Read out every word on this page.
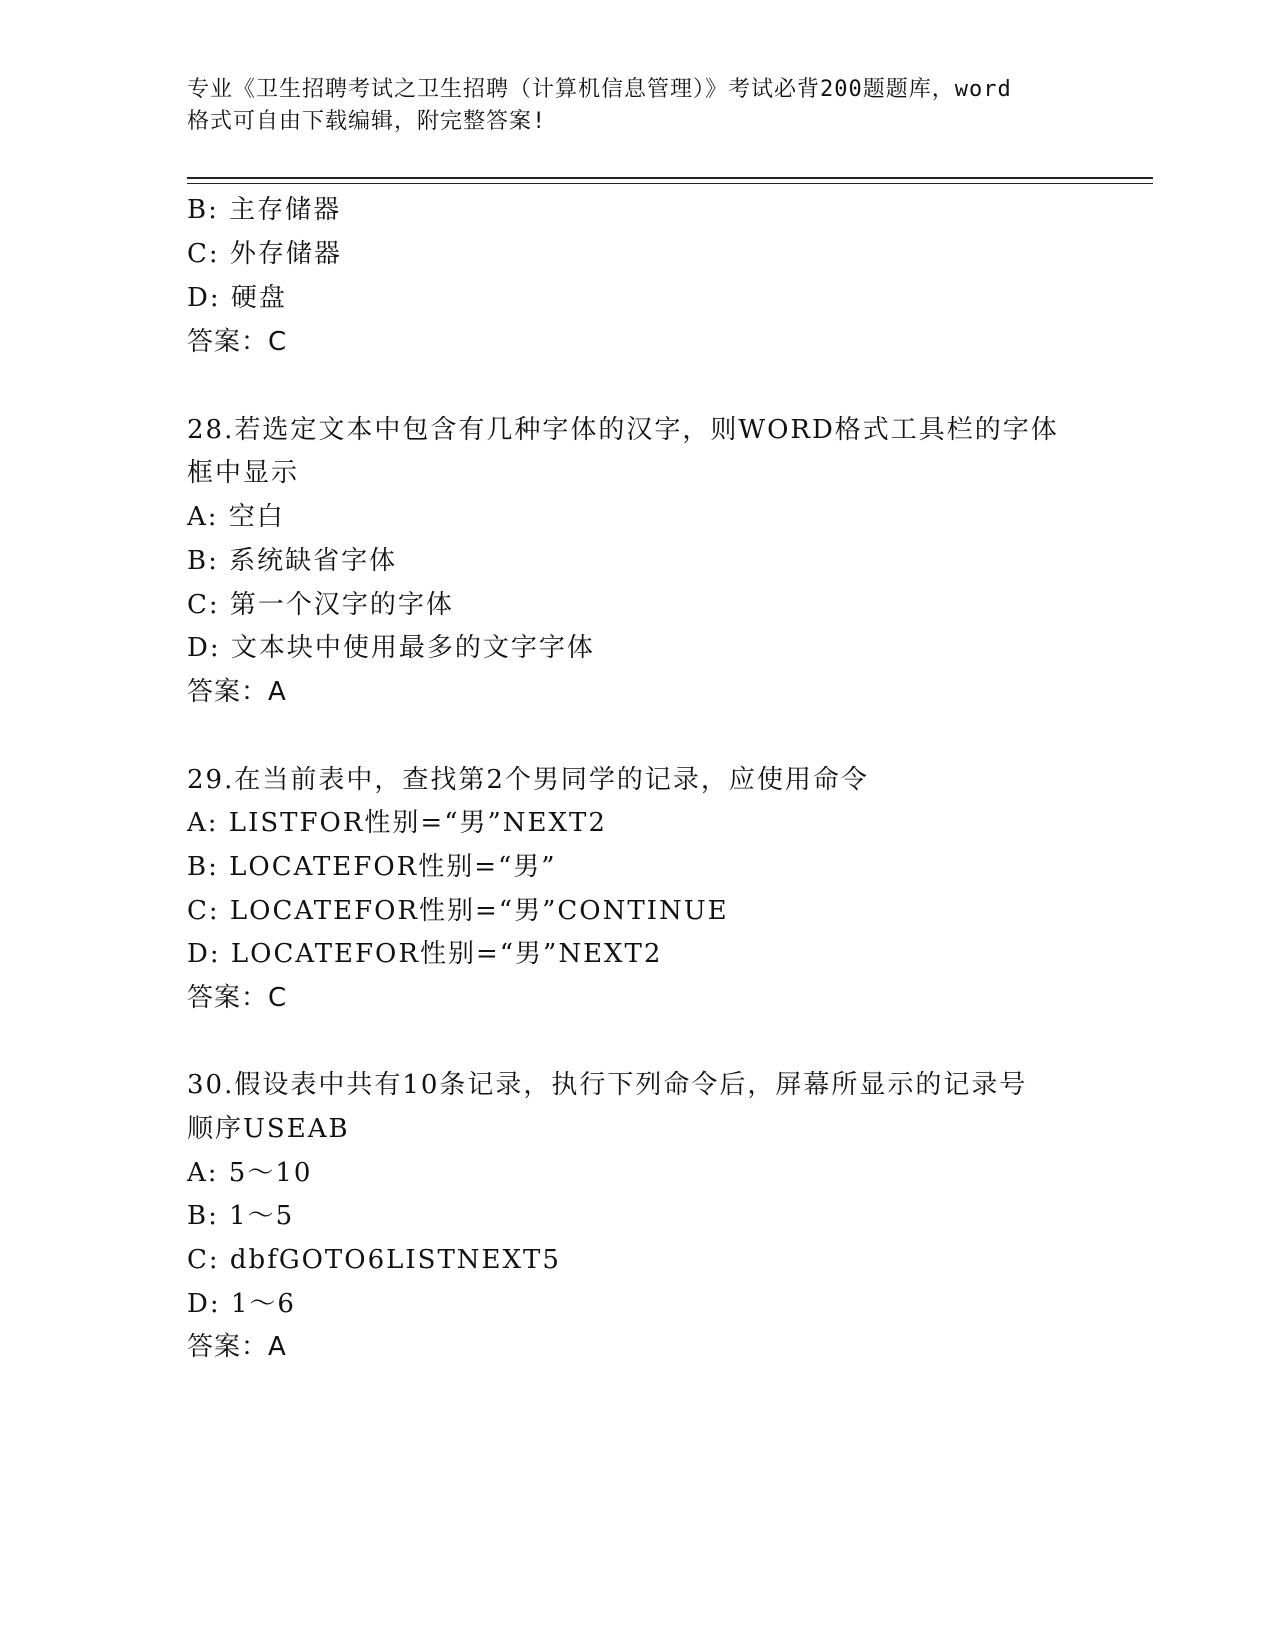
专业《卫生招聘考试之卫生招聘（计算机信息管理）》考试必背200题题库，word
格式可自由下载编辑，附完整答案!
B: 主存储器
C: 外存储器
D: 硬盘
答案：C
28.若选定文本中包含有几种字体的汉字，则WORD格式工具栏的字体
框中显示
A: 空白
B: 系统缺省字体
C: 第一个汉字的字体
D: 文本块中使用最多的文字字体
答案：A
29.在当前表中，查找第2个男同学的记录，应使用命令
A: LISTFOR性别=“男”NEXT2
B: LOCATEFOR性别=“男”
C: LOCATEFOR性别=“男”CONTINUE
D: LOCATEFOR性别=“男”NEXT2
答案：C
30.假设表中共有10条记录，执行下列命令后，屏幕所显示的记录号
顺序USEAB
A: 5～10
B: 1～5
C: dbfGOTO6LISTNEXT5
D: 1～6
答案：A
